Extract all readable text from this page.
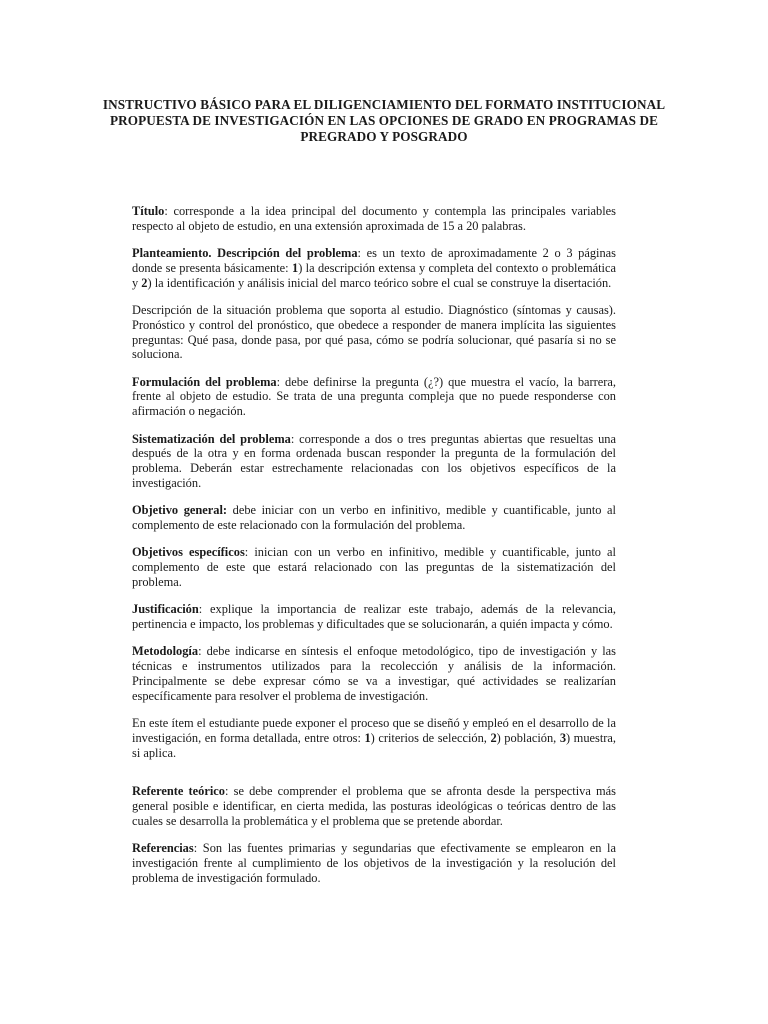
INSTRUCTIVO BÁSICO PARA EL DILIGENCIAMIENTO DEL FORMATO INSTITUCIONAL
PROPUESTA DE INVESTIGACIÓN EN LAS OPCIONES DE GRADO EN PROGRAMAS DE
PREGRADO Y POSGRADO

Título: corresponde a la idea principal del documento y contempla las principales variables respecto al objeto de estudio, en una extensión aproximada de 15 a 20 palabras.

Planteamiento. Descripción del problema: es un texto de aproximadamente 2 o 3 páginas donde se presenta básicamente: 1) la descripción extensa y completa del contexto o problemática y 2) la identificación y análisis inicial del marco teórico sobre el cual se construye la disertación.

Descripción de la situación problema que soporta al estudio. Diagnóstico (síntomas y causas). Pronóstico y control del pronóstico, que obedece a responder de manera implícita las siguientes preguntas: Qué pasa, donde pasa, por qué pasa, cómo se podría solucionar, qué pasaría si no se soluciona.

Formulación del problema: debe definirse la pregunta (¿?) que muestra el vacío, la barrera, frente al objeto de estudio. Se trata de una pregunta compleja que no puede responderse con afirmación o negación.

Sistematización del problema: corresponde a dos o tres preguntas abiertas que resueltas una después de la otra y en forma ordenada buscan responder la pregunta de la formulación del problema. Deberán estar estrechamente relacionadas con los objetivos específicos de la investigación.

Objetivo general: debe iniciar con un verbo en infinitivo, medible y cuantificable, junto al complemento de este relacionado con la formulación del problema.

Objetivos específicos: inician con un verbo en infinitivo, medible y cuantificable, junto al complemento de este que estará relacionado con las preguntas de la sistematización del problema.

Justificación: explique la importancia de realizar este trabajo, además de la relevancia, pertinencia e impacto, los problemas y dificultades que se solucionarán, a quién impacta y cómo.

Metodología: debe indicarse en síntesis el enfoque metodológico, tipo de investigación y las técnicas e instrumentos utilizados para la recolección y análisis de la información. Principalmente se debe expresar cómo se va a investigar, qué actividades se realizarían específicamente para resolver el problema de investigación.

En este ítem el estudiante puede exponer el proceso que se diseñó y empleó en el desarrollo de la investigación, en forma detallada, entre otros: 1) criterios de selección, 2) población, 3) muestra, si aplica.

Referente teórico: se debe comprender el problema que se afronta desde la perspectiva más general posible e identificar, en cierta medida, las posturas ideológicas o teóricas dentro de las cuales se desarrolla la problemática y el problema que se pretende abordar.

Referencias: Son las fuentes primarias y segundarias que efectivamente se emplearon en la investigación frente al cumplimiento de los objetivos de la investigación y la resolución del problema de investigación formulado.
